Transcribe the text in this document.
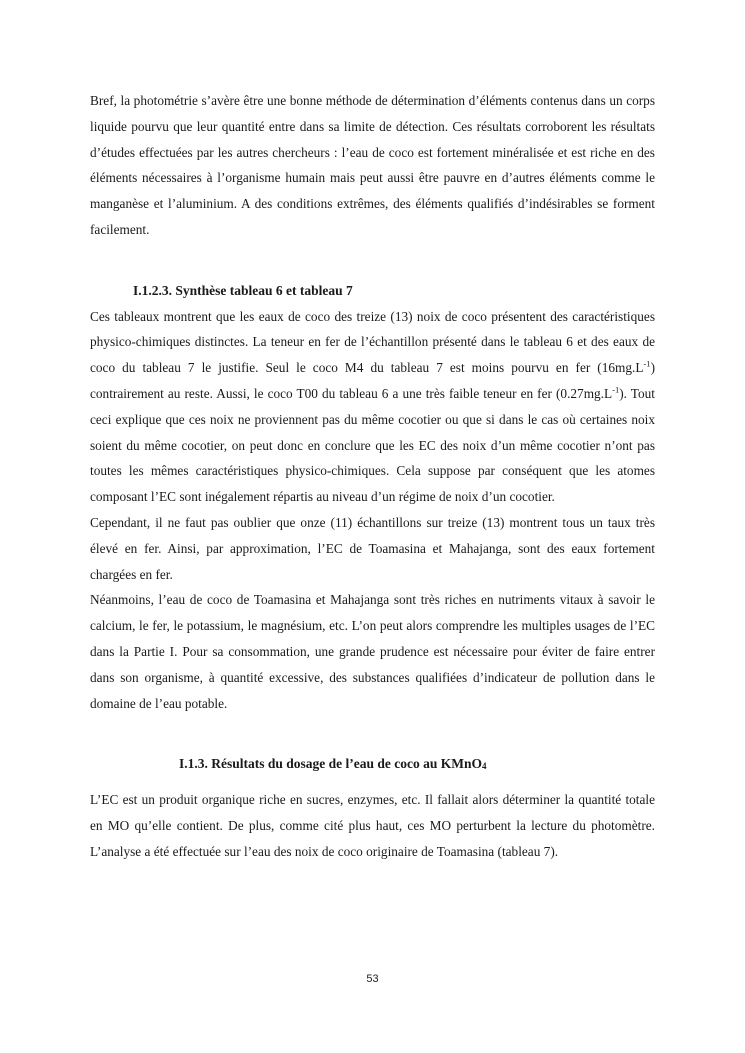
Bref, la photométrie s’avère être une bonne méthode de détermination d’éléments contenus dans un corps liquide pourvu que leur quantité entre dans sa limite de détection. Ces résultats corroborent les résultats d’études effectuées par les autres chercheurs : l’eau de coco est fortement minéralisée et est riche en des éléments nécessaires à l’organisme humain mais peut aussi être pauvre en d’autres éléments comme le manganèse et l’aluminium. A des conditions extrêmes, des éléments qualifiés d’indésirables se forment facilement.

I.1.2.3. Synthèse tableau 6 et tableau 7

Ces tableaux montrent que les eaux de coco des treize (13) noix de coco présentent des caractéristiques physico-chimiques distinctes. La teneur en fer de l’échantillon présenté dans le tableau 6 et des eaux de coco du tableau 7 le justifie. Seul le coco M4 du tableau 7 est moins pourvu en fer $(16mg.L^{-1})$ contrairement au reste. Aussi, le coco T00 du tableau 6 a une très faible teneur en fer $(0.27mg.L^{-1})$. Tout ceci explique que ces noix ne proviennent pas du même cocotier ou que si dans le cas où certaines noix soient du même cocotier, on peut donc en conclure que les EC des noix d’un même cocotier n’ont pas toutes les mêmes caractéristiques physico-chimiques. Cela suppose par conséquent que les atomes composant l’EC sont inégalement répartis au niveau d’un régime de noix d’un cocotier.

Cependant, il ne faut pas oublier que onze (11) échantillons sur treize (13) montrent tous un taux très élevé en fer. Ainsi, par approximation, l’EC de Toamasina et Mahajanga, sont des eaux fortement chargées en fer.

Néanmoins, l’eau de coco de Toamasina et Mahajanga sont très riches en nutriments vitaux à savoir le calcium, le fer, le potassium, le magnésium, etc. L’on peut alors comprendre les multiples usages de l’EC dans la Partie I. Pour sa consommation, une grande prudence est nécessaire pour éviter de faire entrer dans son organisme, à quantité excessive, des substances qualifiées d’indicateur de pollution dans le domaine de l’eau potable.

I.1.3. Résultats du dosage de l’eau de coco au KMnO4

L’EC est un produit organique riche en sucres, enzymes, etc. Il fallait alors déterminer la quantité totale en MO qu’elle contient. De plus, comme cité plus haut, ces MO perturbent la lecture du photomètre. L’analyse a été effectuée sur l’eau des noix de coco originaire de Toamasina (tableau 7).

53
